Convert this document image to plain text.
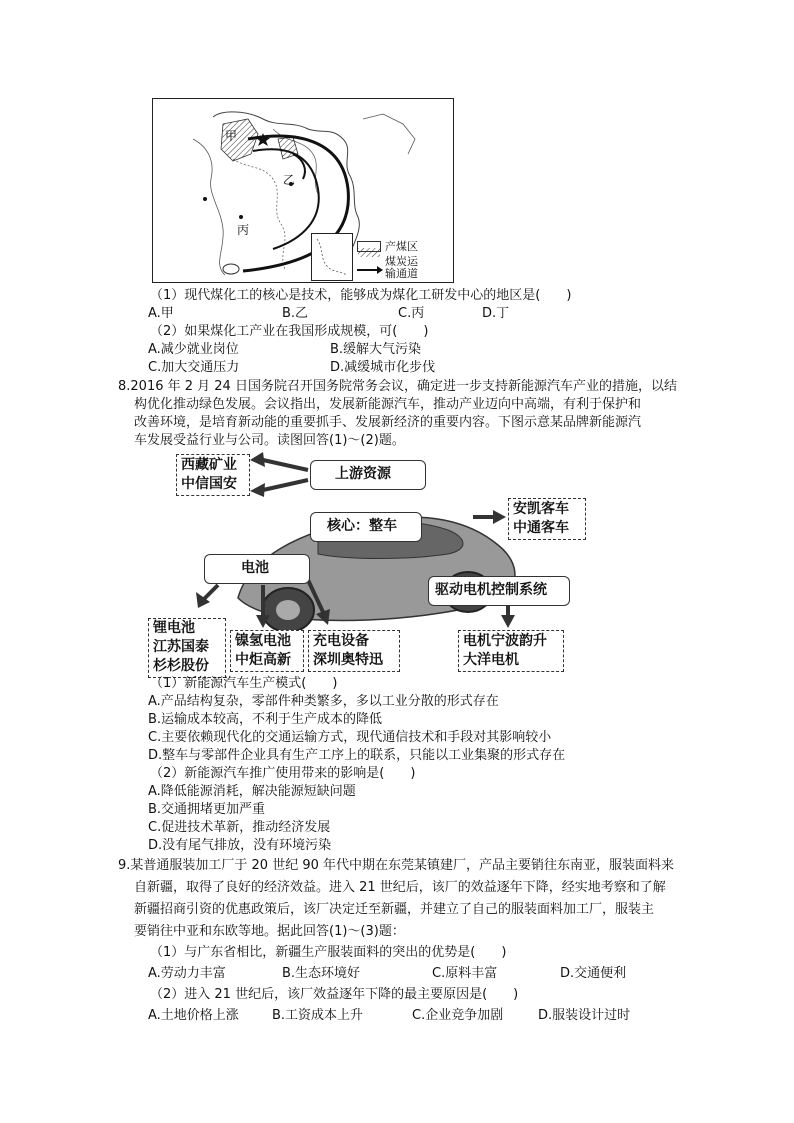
甲
乙
丙
产煤区
煤炭运
输通道
（1）现代煤化工的核心是技术，能够成为煤化工研发中心的地区是(　　)
A.甲	B.乙	C.丙	D.丁
（2）如果煤化工产业在我国形成规模，可(　　)
A.减少就业岗位	B.缓解大气污染
C.加大交通压力	D.减缓城市化步伐
8.2016 年 2 月 24 日国务院召开国务院常务会议，确定进一步支持新能源汽车产业的措施，以结
构优化推动绿色发展。会议指出，发展新能源汽车，推动产业迈向中高端，有利于保护和
改善环境，是培育新动能的重要抓手、发展新经济的重要内容。下图示意某品牌新能源汽
车发展受益行业与公司。读图回答(1)～(2)题。
西藏矿业
中信国安
上游资源
核心：整车
安凯客车
中通客车
电池
驱动电机控制系统
锂电池
江苏国泰
杉杉股份
镍氢电池
中炬高新
充电设备
深圳奥特迅
电机宁波韵升
大洋电机
（1）新能源汽车生产模式(　　)
A.产品结构复杂，零部件种类繁多，多以工业分散的形式存在
B.运输成本较高，不利于生产成本的降低
C.主要依赖现代化的交通运输方式，现代通信技术和手段对其影响较小
D.整车与零部件企业具有生产工序上的联系，只能以工业集聚的形式存在
（2）新能源汽车推广使用带来的影响是(　　)
A.降低能源消耗，解决能源短缺问题
B.交通拥堵更加严重
C.促进技术革新，推动经济发展
D.没有尾气排放，没有环境污染
9.某普通服装加工厂于 20 世纪 90 年代中期在东莞某镇建厂，产品主要销往东南亚，服装面料来
自新疆，取得了良好的经济效益。进入 21 世纪后，该厂的效益逐年下降，经实地考察和了解
新疆招商引资的优惠政策后，该厂决定迁至新疆，并建立了自己的服装面料加工厂，服装主
要销往中亚和东欧等地。据此回答(1)～(3)题：
（1）与广东省相比，新疆生产服装面料的突出的优势是(　　)
A.劳动力丰富	B.生态环境好	C.原料丰富	D.交通便利
（2）进入 21 世纪后，该厂效益逐年下降的最主要原因是(　　)
A.土地价格上涨	B.工资成本上升	C.企业竞争加剧	D.服装设计过时
